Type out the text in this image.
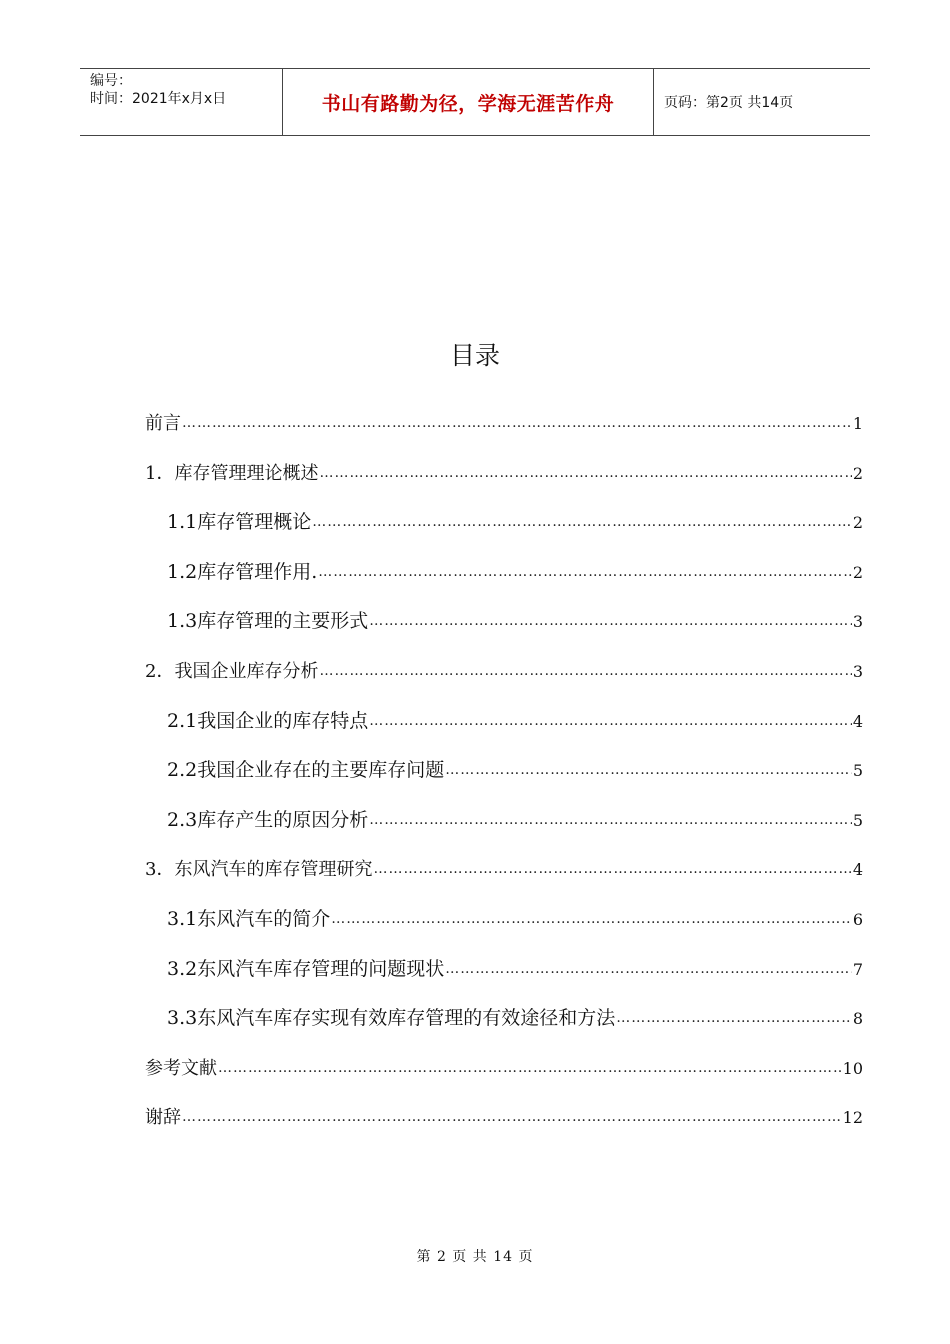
编号：
时间：2021年x月x日	书山有路勤为径，学海无涯苦作舟	页码：第2页 共14页
目录
前言 …………………………………………………………………………………………………………………………………………………………………………………………………………………………………………	1
1．库存管理理论概述 …………………………………………………………………………………………………………………………………………………………………………………………………………………………………………	2
1.1库存管理概论 …………………………………………………………………………………………………………………………………………………………………………………………………………………………………………	2
1.2库存管理作用. …………………………………………………………………………………………………………………………………………………………………………………………………………………………………………	2
1.3库存管理的主要形式 …………………………………………………………………………………………………………………………………………………………………………………………………………………………………………	3
2．我国企业库存分析 …………………………………………………………………………………………………………………………………………………………………………………………………………………………………………	3
2.1我国企业的库存特点 …………………………………………………………………………………………………………………………………………………………………………………………………………………………………………	4
2.2我国企业存在的主要库存问题 …………………………………………………………………………………………………………………………………………………………………………………………………………………………………………	5
2.3库存产生的原因分析 …………………………………………………………………………………………………………………………………………………………………………………………………………………………………………	5
3．东风汽车的库存管理研究 …………………………………………………………………………………………………………………………………………………………………………………………………………………………………………	4
3.1东风汽车的简介 …………………………………………………………………………………………………………………………………………………………………………………………………………………………………………	6
3.2东风汽车库存管理的问题现状 …………………………………………………………………………………………………………………………………………………………………………………………………………………………………………	7
3.3东风汽车库存实现有效库存管理的有效途径和方法 …………………………………………………………………………………………………………………………………………………………………………………………………………………………………………	8
参考文献 …………………………………………………………………………………………………………………………………………………………………………………………………………………………………………	10
谢辞 …………………………………………………………………………………………………………………………………………………………………………………………………………………………………………	12
第 2 页 共 14 页
